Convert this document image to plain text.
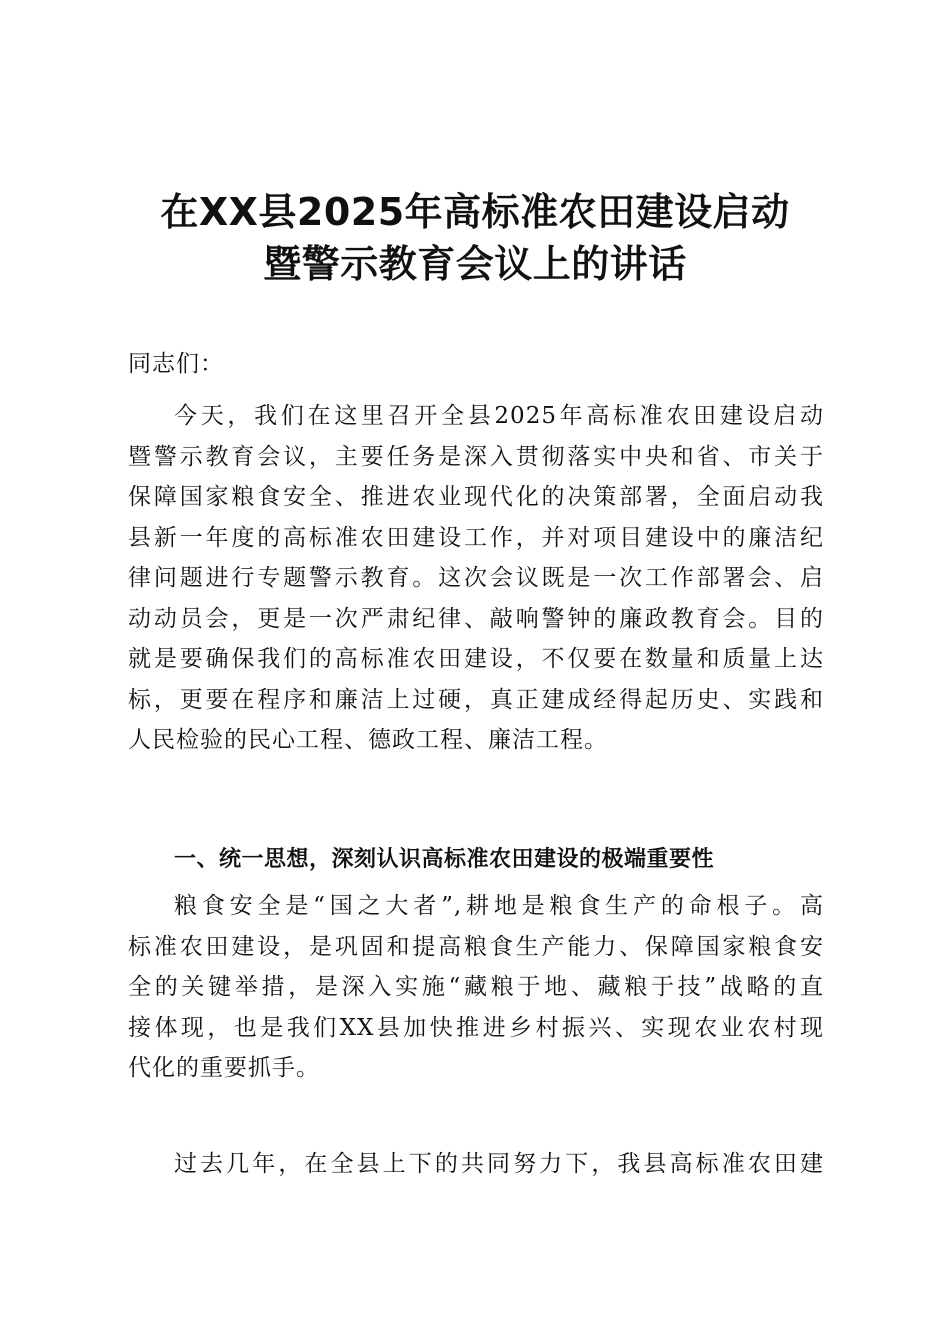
在XX县2025年高标准农田建设启动
暨警示教育会议上的讲话

同志们：

今天，我们在这里召开全县2025年高标准农田建设启动
暨警示教育会议，主要任务是深入贯彻落实中央和省、市关于
保障国家粮食安全、推进农业现代化的决策部署，全面启动我
县新一年度的高标准农田建设工作，并对项目建设中的廉洁纪
律问题进行专题警示教育。这次会议既是一次工作部署会、启
动动员会，更是一次严肃纪律、敲响警钟的廉政教育会。目的
就是要确保我们的高标准农田建设，不仅要在数量和质量上达
标，更要在程序和廉洁上过硬，真正建成经得起历史、实践和
人民检验的民心工程、德政工程、廉洁工程。
一、统一思想，深刻认识高标准农田建设的极端重要性
粮食安全是“国之大者”,耕地是粮食生产的命根子。高
标准农田建设，是巩固和提高粮食生产能力、保障国家粮食安
全的关键举措，是深入实施“藏粮于地、藏粮于技”战略的直
接体现，也是我们XX县加快推进乡村振兴、实现农业农村现
代化的重要抓手。
过去几年，在全县上下的共同努力下，我县高标准农田建
